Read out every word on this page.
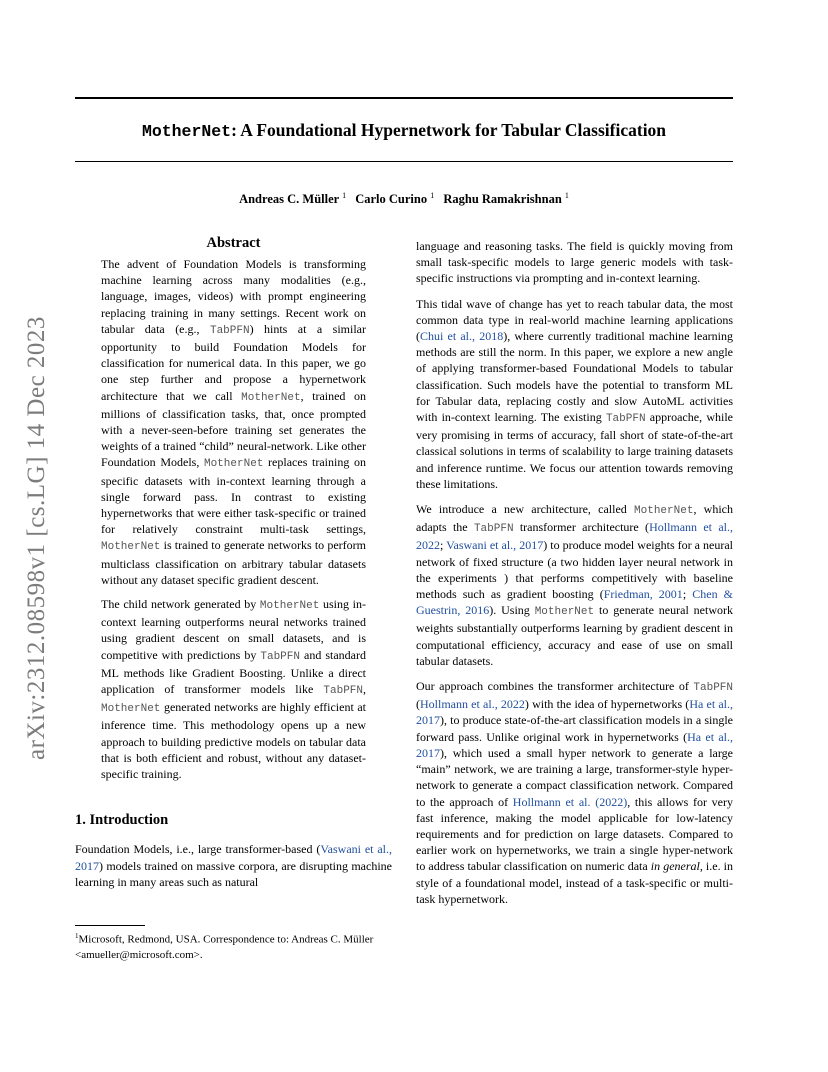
arXiv:2312.08598v1 [cs.LG] 14 Dec 2023
MotherNet: A Foundational Hypernetwork for Tabular Classification
Andreas C. Müller $^1$ Carlo Curino $^1$ Raghu Ramakrishnan $^1$
Abstract

The advent of Foundation Models is transforming machine learning across many modalities (e.g., language, images, videos) with prompt engineering replacing training in many settings. Recent work on tabular data (e.g., TabPFN) hints at a similar opportunity to build Foundation Models for classification for numerical data. In this paper, we go one step further and propose a hypernetwork architecture that we call MotherNet, trained on millions of classification tasks, that, once prompted with a never-seen-before training set generates the weights of a trained “child” neural-network. Like other Foundation Models, MotherNet replaces training on specific datasets with in-context learning through a single forward pass. In contrast to existing hypernetworks that were either task-specific or trained for relatively constraint multi-task settings, MotherNet is trained to generate networks to perform multiclass classification on arbitrary tabular datasets without any dataset specific gradient descent.

The child network generated by MotherNet using in-context learning outperforms neural networks trained using gradient descent on small datasets, and is competitive with predictions by TabPFN and standard ML methods like Gradient Boosting. Unlike a direct application of transformer models like TabPFN, MotherNet generated networks are highly efficient at inference time. This methodology opens up a new approach to building predictive models on tabular data that is both efficient and robust, without any dataset-specific training.

1. Introduction

Foundation Models, i.e., large transformer-based (Vaswani et al., 2017) models trained on massive corpora, are disrupting machine learning in many areas such as natural

$^1$Microsoft, Redmond, USA. Correspondence to: Andreas C. Müller <amueller@microsoft.com>.

language and reasoning tasks. The field is quickly moving from small task-specific models to large generic models with task-specific instructions via prompting and in-context learning.

This tidal wave of change has yet to reach tabular data, the most common data type in real-world machine learning applications (Chui et al., 2018), where currently traditional machine learning methods are still the norm. In this paper, we explore a new angle of applying transformer-based Foundational Models to tabular classification. Such models have the potential to transform ML for Tabular data, replacing costly and slow AutoML activities with in-context learning. The existing TabPFN approache, while very promising in terms of accuracy, fall short of state-of-the-art classical solutions in terms of scalability to large training datasets and inference runtime. We focus our attention towards removing these limitations.

We introduce a new architecture, called MotherNet, which adapts the TabPFN transformer architecture (Hollmann et al., 2022; Vaswani et al., 2017) to produce model weights for a neural network of fixed structure (a two hidden layer neural network in the experiments ) that performs competitively with baseline methods such as gradient boosting (Friedman, 2001; Chen & Guestrin, 2016). Using MotherNet to generate neural network weights substantially outperforms learning by gradient descent in computational efficiency, accuracy and ease of use on small tabular datasets.

Our approach combines the transformer architecture of TabPFN (Hollmann et al., 2022) with the idea of hypernetworks (Ha et al., 2017), to produce state-of-the-art classification models in a single forward pass. Unlike original work in hypernetworks (Ha et al., 2017), which used a small hyper network to generate a large “main” network, we are training a large, transformer-style hyper-network to generate a compact classification network. Compared to the approach of Hollmann et al. (2022), this allows for very fast inference, making the model applicable for low-latency requirements and for prediction on large datasets. Compared to earlier work on hypernetworks, we train a single hyper-network to address tabular classification on numeric data in general, i.e. in style of a foundational model, instead of a task-specific or multi-task hypernetwork.
